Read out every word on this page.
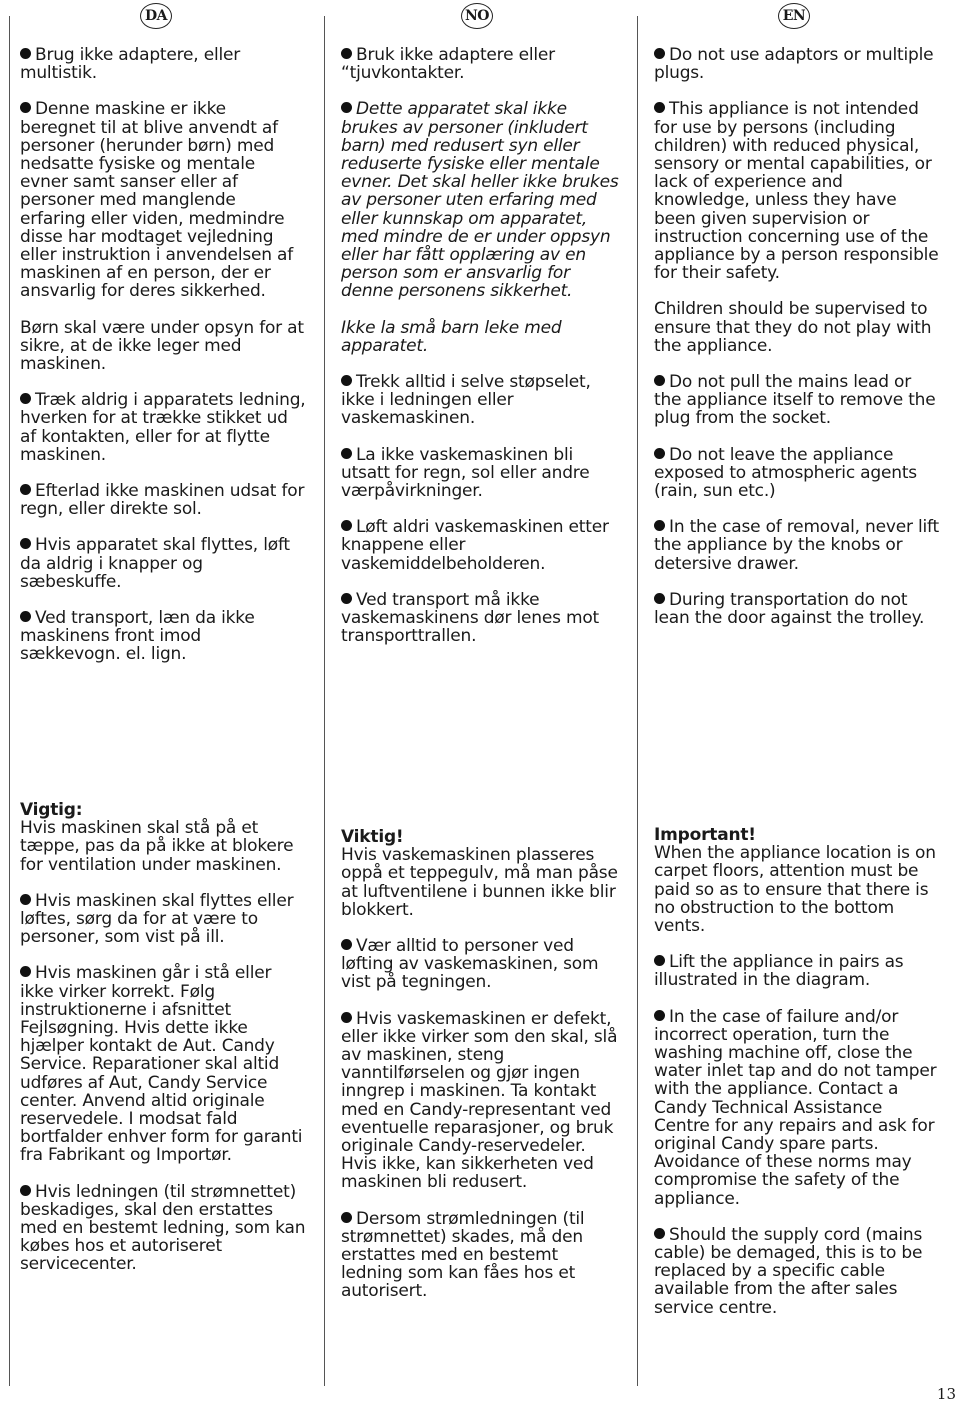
DA	NO	EN

Brug ikke adaptere, eller multistik.

Denne maskine er ikke beregnet til at blive anvendt af personer (herunder børn) med nedsatte fysiske og mentale evner samt sanser eller af personer med manglende erfaring eller viden, medmindre disse har modtaget vejledning eller instruktion i anvendelsen af maskinen af en person, der er ansvarlig for deres sikkerhed.

Børn skal være under opsyn for at sikre, at de ikke leger med maskinen.

Træk aldrig i apparatets ledning, hverken for at trække stikket ud af kontakten, eller for at flytte maskinen.

Efterlad ikke maskinen udsat for regn, eller direkte sol.

Hvis apparatet skal flyttes, løft da aldrig i knapper og sæbeskuffe.

Ved transport, læn da ikke maskinens front imod sækkevogn. el. lign.

Vigtig:

Hvis maskinen skal stå på et tæppe, pas da på ikke at blokere for ventilation under maskinen.

Hvis maskinen skal flyttes eller løftes, sørg da for at være to personer, som vist på ill.

Hvis maskinen går i stå eller ikke virker korrekt. Følg instruktionerne i afsnittet Fejlsøgning. Hvis dette ikke hjælper kontakt de Aut. Candy Service. Reparationer skal altid udføres af Aut, Candy Service center. Anvend altid originale reservedele. I modsat fald bortfalder enhver form for garanti fra Fabrikant og Importør.

Hvis ledningen (til strømnettet) beskadiges, skal den erstattes med en bestemt ledning, som kan købes hos et autoriseret servicecenter.

Bruk ikke adaptere eller “tjuvkontakter.

Dette apparatet skal ikke brukes av personer (inkludert barn) med redusert syn eller reduserte fysiske eller mentale evner. Det skal heller ikke brukes av personer uten erfaring med eller kunnskap om apparatet, med mindre de er under oppsyn eller har fått opplæring av en person som er ansvarlig for denne personens sikkerhet.

Ikke la små barn leke med apparatet.

Trekk alltid i selve støpselet, ikke i ledningen eller vaskemaskinen.

La ikke vaskemaskinen bli utsatt for regn, sol eller andre værpåvirkninger.

Løft aldri vaskemaskinen etter knappene eller vaskemiddelbeholderen.

Ved transport må ikke vaskemaskinens dør lenes mot transporttrallen.

Viktig!

Hvis vaskemaskinen plasseres oppå et teppegulv, må man påse at luftventilene i bunnen ikke blir blokkert.

Vær alltid to personer ved løfting av vaskemaskinen, som vist på tegningen.

Hvis vaskemaskinen er defekt, eller ikke virker som den skal, slå av maskinen, steng vanntilførselen og gjør ingen inngrep i maskinen. Ta kontakt med en Candy-representant ved eventuelle reparasjoner, og bruk originale Candy-reservedeler. Hvis ikke, kan sikkerheten ved maskinen bli redusert.

Dersom strømledningen (til strømnettet) skades, må den erstattes med en bestemt ledning som kan fåes hos et autorisert.

Do not use adaptors or multiple plugs.

This appliance is not intended for use by persons (including children) with reduced physical, sensory or mental capabilities, or lack of experience and knowledge, unless they have been given supervision or instruction concerning use of the appliance by a person responsible for their safety.

Children should be supervised to ensure that they do not play with the appliance.

Do not pull the mains lead or the appliance itself to remove the plug from the socket.

Do not leave the appliance exposed to atmospheric agents (rain, sun etc.)

In the case of removal, never lift the appliance by the knobs or detersive drawer.

During transportation do not lean the door against the trolley.

Important!

When the appliance location is on carpet floors, attention must be paid so as to ensure that there is no obstruction to the bottom vents.

Lift the appliance in pairs as illustrated in the diagram.

In the case of failure and/or incorrect operation, turn the washing machine off, close the water inlet tap and do not tamper with the appliance. Contact a Candy Technical Assistance Centre for any repairs and ask for original Candy spare parts. Avoidance of these norms may compromise the safety of the appliance.

Should the supply cord (mains cable) be demaged, this is to be replaced by a specific cable available from the after sales service centre.

13
